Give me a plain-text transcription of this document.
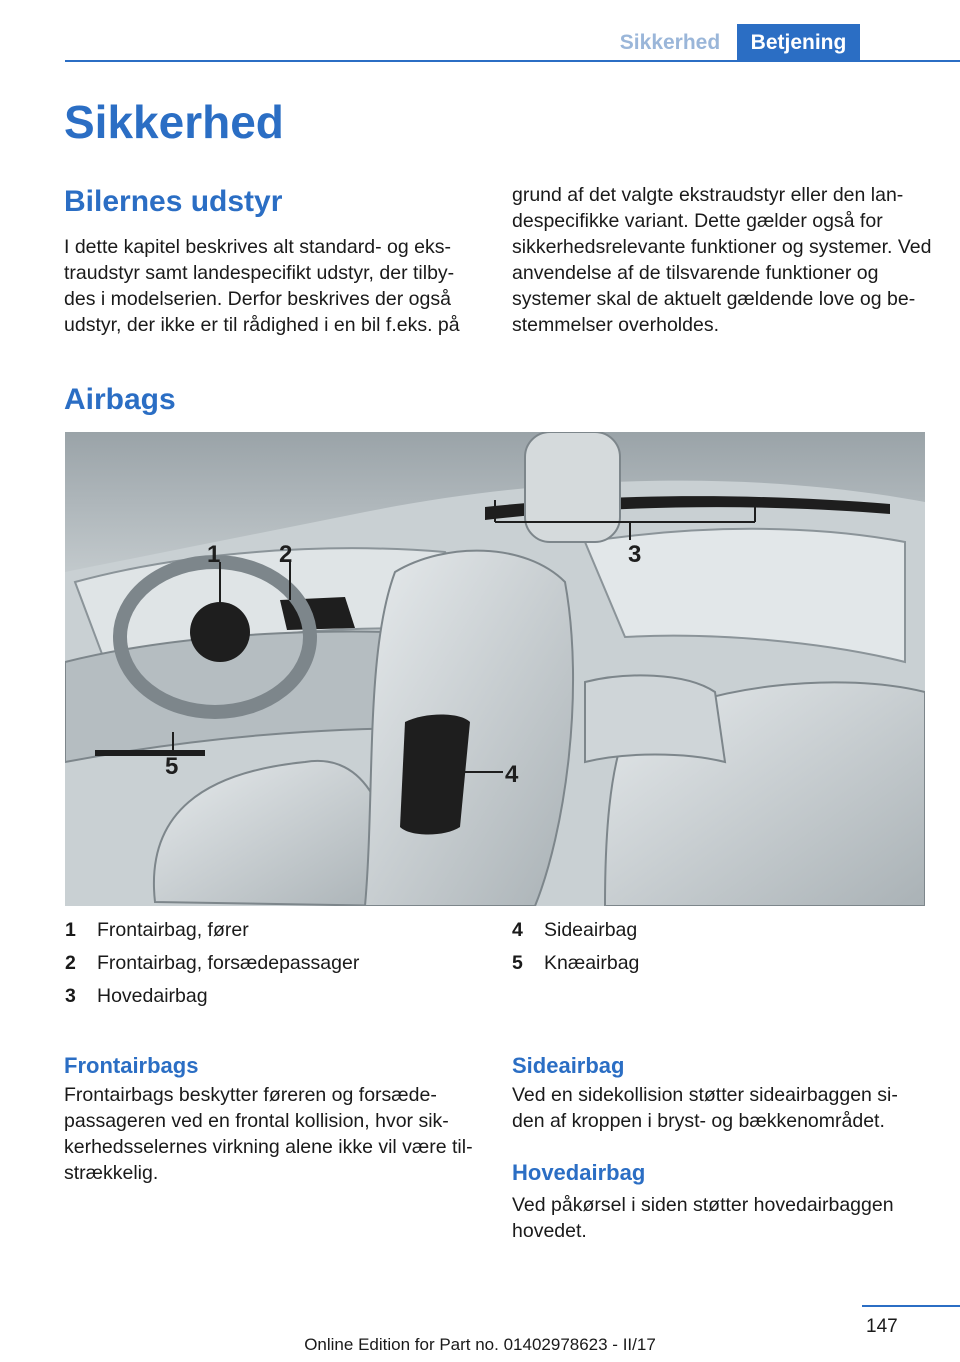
Sikkerhed	Betjening
Sikkerhed
Bilernes udstyr
I dette kapitel beskrives alt standard- og eks‐ traudstyr samt landespecifikt udstyr, der tilby‐ des i modelserien. Derfor beskrives der også udstyr, der ikke er til rådighed i en bil f.eks. på
grund af det valgte ekstraudstyr eller den lan‐ despecifikke variant. Dette gælder også for sikkerhedsrelevante funktioner og systemer. Ved anvendelse af de tilsvarende funktioner og systemer skal de aktuelt gældende love og be‐ stemmelser overholdes.
Airbags
1 2	3
4
5
1	Frontairbag, fører
2	Frontairbag, forsædepassager
3	Hovedairbag
4	Sideairbag
5	Knæairbag
Frontairbags
Frontairbags beskytter føreren og forsæde‐ passageren ved en frontal kollision, hvor sik‐ kerhedsselernes virkning alene ikke vil være til‐ strækkelig.
Sideairbag
Ved en sidekollision støtter sideairbaggen si‐ den af kroppen i bryst- og bækkenområdet.
Hovedairbag
Ved påkørsel i siden støtter hovedairbaggen hovedet.
147
Online Edition for Part no. 01402978623 - II/17
